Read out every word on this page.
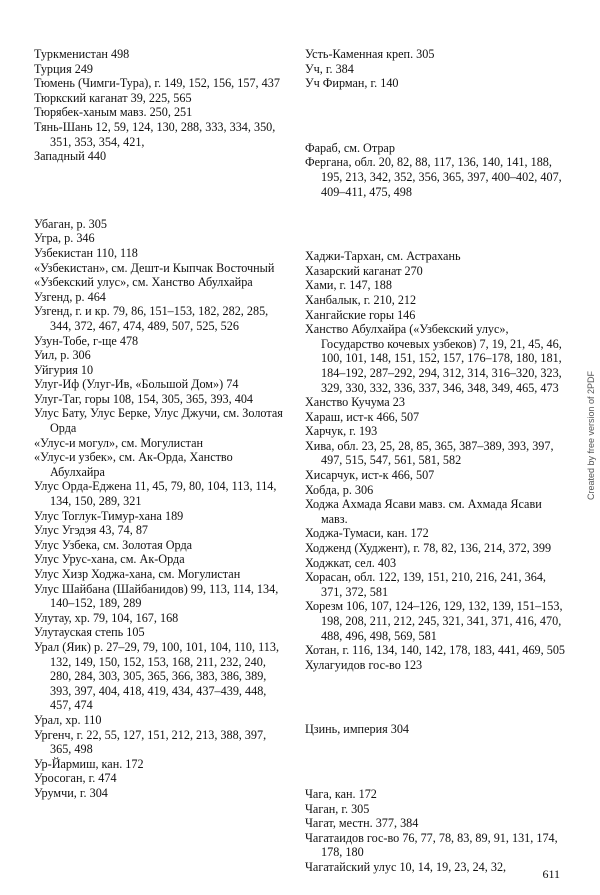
Туркменистан 498

Турция 249

Тюмень (Чимги-Тура), г. 149, 152, 156, 157, 437

Тюркский каганат 39, 225, 565

Тюрябек-ханым мавз. 250, 251

Тянь-Шань 12, 59, 124, 130, 288, 333, 334, 350, 351, 353, 354, 421,

Западный 440

Убаган, р. 305

Угра, р. 346

Узбекистан 110, 118

«Узбекистан», см. Дешт-и Кыпчак Восточный

«Узбекский улус», см. Ханство Абулхайра

Узгенд, р. 464

Узгенд, г. и кр. 79, 86, 151–153, 182, 282, 285, 344, 372, 467, 474, 489, 507, 525, 526

Узун-Тобе, г-ще 478

Уил, р. 306

Уйгурия 10

Улуг-Иф (Улуг-Ив, «Большой Дом») 74

Улуг-Таг, горы 108, 154, 305, 365, 393, 404

Улус Бату, Улус Берке, Улус Джучи, см. Золотая Орда

«Улус-и могул», см. Могулистан

«Улус-и узбек», см. Ак-Орда, Ханство Абулхайра

Улус Орда-Еджена 11, 45, 79, 80, 104, 113, 114, 134, 150, 289, 321

Улус Тоглук-Тимур-хана 189

Улус Угэдэя 43, 74, 87

Улус Узбека, см. Золотая Орда

Улус Урус-хана, см. Ак-Орда

Улус Хизр Ходжа-хана, см. Могулистан

Улус Шайбана (Шайбанидов) 99, 113, 114, 134, 140–152, 189, 289

Улутау, хр. 79, 104, 167, 168

Улутауская степь 105

Урал (Яик) р. 27–29, 79, 100, 101, 104, 110, 113, 132, 149, 150, 152, 153, 168, 211, 232, 240, 280, 284, 303, 305, 365, 366, 383, 386, 389, 393, 397, 404, 418, 419, 434, 437–439, 448, 457, 474

Урал, хр. 110

Ургенч, г. 22, 55, 127, 151, 212, 213, 388, 397, 365, 498

Ур-Йармиш, кан. 172

Уросоган, г. 474

Урумчи, г. 304

Усть-Каменная креп. 305

Уч, г. 384

Уч Фирман, г. 140

Фараб, см. Отрар

Фергана, обл. 20, 82, 88, 117, 136, 140, 141, 188, 195, 213, 342, 352, 356, 365, 397, 400–402, 407, 409–411, 475, 498

Хаджи-Тархан, см. Астрахань

Хазарский каганат 270

Хами, г. 147, 188

Ханбалык, г. 210, 212

Хангайские горы 146

Ханство Абулхайра («Узбекский улус», Государство кочевых узбеков) 7, 19, 21, 45, 46, 100, 101, 148, 151, 152, 157, 176–178, 180, 181, 184–192, 287–292, 294, 312, 314, 316–320, 323, 329, 330, 332, 336, 337, 346, 348, 349, 465, 473

Ханство Кучума 23

Хараш, ист-к 466, 507

Харчук, г. 193

Хива, обл. 23, 25, 28, 85, 365, 387–389, 393, 397, 497, 515, 547, 561, 581, 582

Хисарчук, ист-к 466, 507

Хобда, р. 306

Ходжа Ахмада Ясави мавз. см. Ахмада Ясави мавз.

Ходжа-Тумаси, кан. 172

Ходженд (Худжент), г. 78, 82, 136, 214, 372, 399

Ходжкат, сел. 403

Хорасан, обл. 122, 139, 151, 210, 216, 241, 364, 371, 372, 581

Хорезм 106, 107, 124–126, 129, 132, 139, 151–153, 198, 208, 211, 212, 245, 321, 341, 371, 416, 470, 488, 496, 498, 569, 581

Хотан, г. 116, 134, 140, 142, 178, 183, 441, 469, 505

Хулагуидов гос-во 123

Цзинь, империя 304

Чага, кан. 172

Чаган, г. 305

Чагат, местн. 377, 384

Чагатаидов гос-во 76, 77, 78, 83, 89, 91, 131, 174, 178, 180

Чагатайский улус 10, 14, 19, 23, 24, 32,

Created by free version of 2PDF
611
